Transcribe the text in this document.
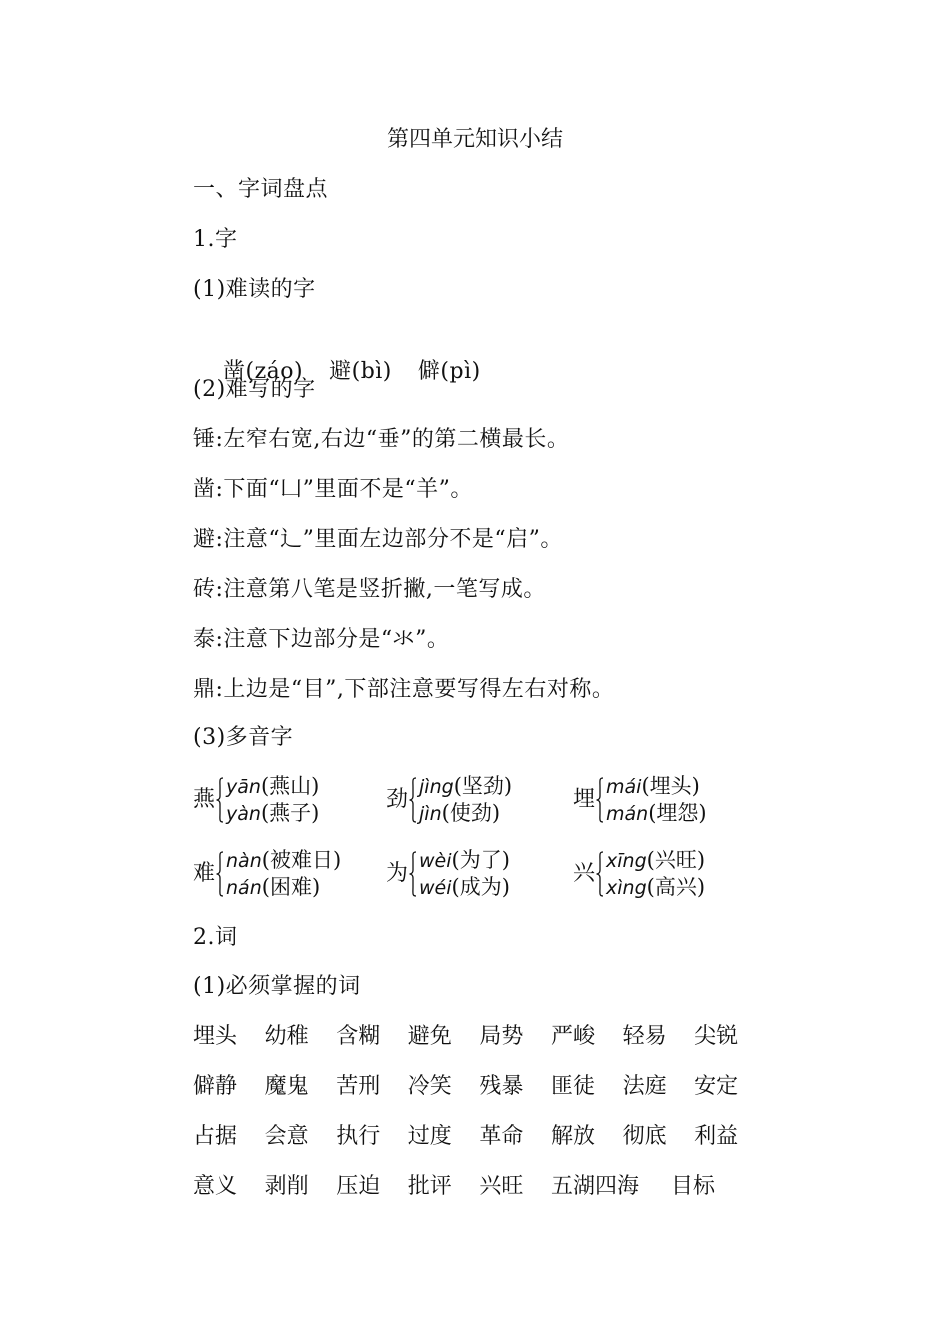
第四单元知识小结
一、字词盘点
1.字
(1)难读的字

凿(záo) 避(bì) 僻(pì)

(2)难写的字
锤:左窄右宽,右边“垂”的第二横最长。
凿:下面“凵”里面不是“羊”。
避:注意“辶”里面左边部分不是“启”。
砖:注意第八笔是竖折撇,一笔写成。
泰:注意下边部分是“氺”。
鼎:上边是“目”,下部注意要写得左右对称。
(3)多音字
燕 yān(燕山)
yàn(燕子)
劲 jìng(坚劲)
jìn(使劲)
埋 mái(埋头)
mán(埋怨)
难 nàn(被难日)
nán(困难)
为 wèi(为了)
wéi(成为)
兴 xīng(兴旺)
xìng(高兴)
2.词
(1)必须掌握的词
埋头 幼稚 含糊 避免 局势 严峻 轻易 尖锐
僻静 魔鬼 苦刑 冷笑 残暴 匪徒 法庭 安定
占据 会意 执行 过度 革命 解放 彻底 利益
意义 剥削 压迫 批评 兴旺 五湖四海 目标
